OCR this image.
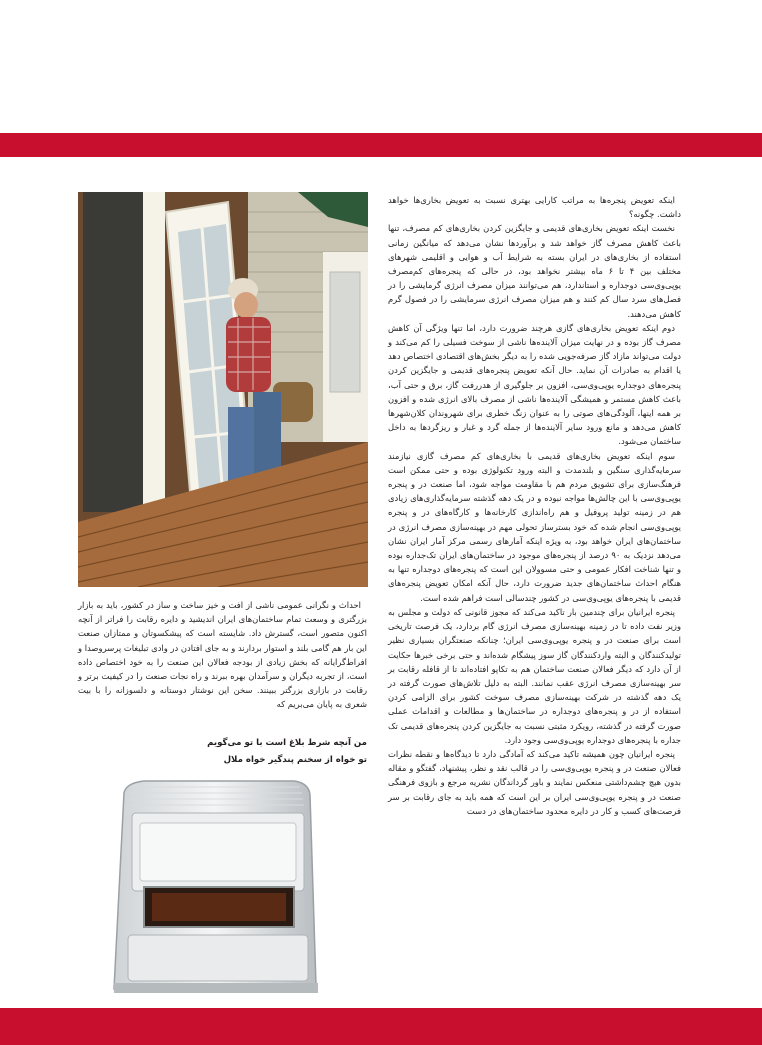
اینکه تعویض پنجره‌ها به مراتب کارایی بهتری نسبت به تعویض بخاری‌ها خواهد داشت. چگونه؟

نخست اینکه تعویض بخاری‌های قدیمی و جایگزین کردن بخاری‌های کم مصرف، تنها باعث کاهش مصرف گاز خواهد شد و برآوردها نشان می‌دهد که میانگین زمانی استفاده از بخاری‌های در ایران بسته به شرایط آب و هوایی و اقلیمی شهرهای مختلف بین ۴ تا ۶ ماه بیشتر نخواهد بود، در حالی که پنجره‌های کم‌مصرف یوپی‌وی‌سی دوجداره و استاندارد، هم می‌توانند میزان مصرف انرژی گرمایشی را در فصل‌های سرد سال کم کنند و هم میزان مصرف انرژی سرمایشی را در فصول گرم کاهش می‌دهند.

دوم اینکه تعویض بخاری‌های گازی هرچند ضرورت دارد، اما تنها ویژگی آن کاهش مصرف گاز بوده و در نهایت میزان آلاینده‌ها ناشی از سوخت فسیلی را کم می‌کند و دولت می‌تواند مازاد گاز صرفه‌جویی شده را به دیگر بخش‌های اقتصادی اختصاص دهد یا اقدام به صادرات آن نماید. حال آنکه تعویض پنجره‌های قدیمی و جایگزین کردن پنجره‌های دوجداره یوپی‌وی‌سی، افزون بر جلوگیری از هدررفت گاز، برق و حتی آب، باعث کاهش مستمر و همیشگی آلاینده‌ها ناشی از مصرف بالای انرژی شده و افزون بر همه اینها، آلودگی‌های صوتی را به عنوان زنگ خطری برای شهروندان کلان‌شهرها کاهش می‌دهد و مانع ورود سایر آلاینده‌ها از جمله گرد و غبار و ریزگردها به داخل ساختمان می‌شود.

سوم اینکه تعویض بخاری‌های قدیمی با بخاری‌های کم مصرف گازی نیازمند سرمایه‌گذاری سنگین و بلندمدت و البته ورود تکنولوژی بوده و حتی ممکن است فرهنگ‌سازی برای تشویق مردم هم با مقاومت مواجه شود، اما صنعت در و پنجره یوپی‌وی‌سی با این چالش‌ها مواجه نبوده و در یک دهه گذشته سرمایه‌گذاری‌های زیادی هم در زمینه تولید پروفیل و هم راه‌اندازی کارخانه‌ها و کارگاه‌های در و پنجره یوپی‌وی‌سی انجام شده که خود بسترساز تحولی مهم در بهینه‌سازی مصرف انرژی در ساختمان‌های ایران خواهد بود، به ویژه اینکه آمارهای رسمی مرکز آمار ایران نشان می‌دهد نزدیک به ۹۰ درصد از پنجره‌های موجود در ساختمان‌های ایران تک‌جداره بوده و تنها شناخت افکار عمومی و حتی مسوولان این است که پنجره‌های دوجداره تنها به هنگام احداث ساختمان‌های جدید ضرورت دارد، حال آنکه امکان تعویض پنجره‌های قدیمی با پنجره‌های یوپی‌وی‌سی در کشور چندسالی است فراهم شده است.

پنجره ایرانیان برای چندمین بار تاکید می‌کند که مجوز قانونی که دولت و مجلس به وزیر نفت داده تا در زمینه بهینه‌سازی مصرف انرژی گام بردارد، یک فرصت تاریخی است برای صنعت در و پنجره یوپی‌وی‌سی ایران؛ چنانکه صنعتگران بسیاری نظیر تولیدکنندگان و البته واردکنندگان گاز سوز پیشگام شده‌اند و حتی برخی خبرها حکایت از آن دارد که دیگر فعالان صنعت ساختمان هم به تکاپو افتاده‌اند تا از قافله رقابت بر سر بهینه‌سازی مصرف انرژی عقب نمانند. البته به دلیل تلاش‌های صورت گرفته در یک دهه گذشته در شرکت بهینه‌سازی مصرف سوخت کشور برای الزامی کردن استفاده از در و پنجره‌های دوجداره در ساختمان‌ها و مطالعات و اقدامات عملی صورت گرفته در گذشته، رویکرد مثبتی نسبت به جایگزین کردن پنجره‌های قدیمی تک جداره با پنجره‌های دوجداره یوپی‌وی‌سی وجود دارد.

پنجره ایرانیان چون همیشه تاکید می‌کند که آمادگی دارد تا دیدگاه‌ها و نقطه نظرات فعالان صنعت در و پنجره یوپی‌وی‌سی را در قالب نقد و نظر، پیشنهاد، گفتگو و مقاله بدون هیچ چشم‌داشتی منعکس نمایند و باور گرداندگان نشریه مرجع و بازوی فرهنگی صنعت در و پنجره یوپی‌وی‌سی ایران بر این است که همه باید به جای رقابت بر سر فرصت‌های کسب و کار در دایره محدود ساختمان‌های در دست

احداث و نگرانی عمومی ناشی از افت و خیز ساخت و ساز در کشور، باید به بازار بزرگتری و وسعت تمام ساختمان‌های ایران اندیشید و دایره رقابت را فراتر از آنچه اکنون متصور است، گسترش داد. شایسته است که پیشکسوتان و ممتازان صنعت این بار هم گامی بلند و استوار بردارند و به جای افتادن در وادی تبلیغات پرسروصدا و افراط‌گرایانه که بخش زیادی از بودجه فعالان این صنعت را به خود اختصاص داده است، از تجربه دیگران و سرآمدان بهره ببرند و راه نجات صنعت را در کیفیت برتر و رقابت در بازاری بزرگتر ببینند. سخن این نوشتار دوستانه و دلسوزانه را با بیت شعری به پایان می‌بریم که

من آنچه شرط بلاغ است با تو می‌گویم

تو خواه از سخنم پندگیر خواه ملال
